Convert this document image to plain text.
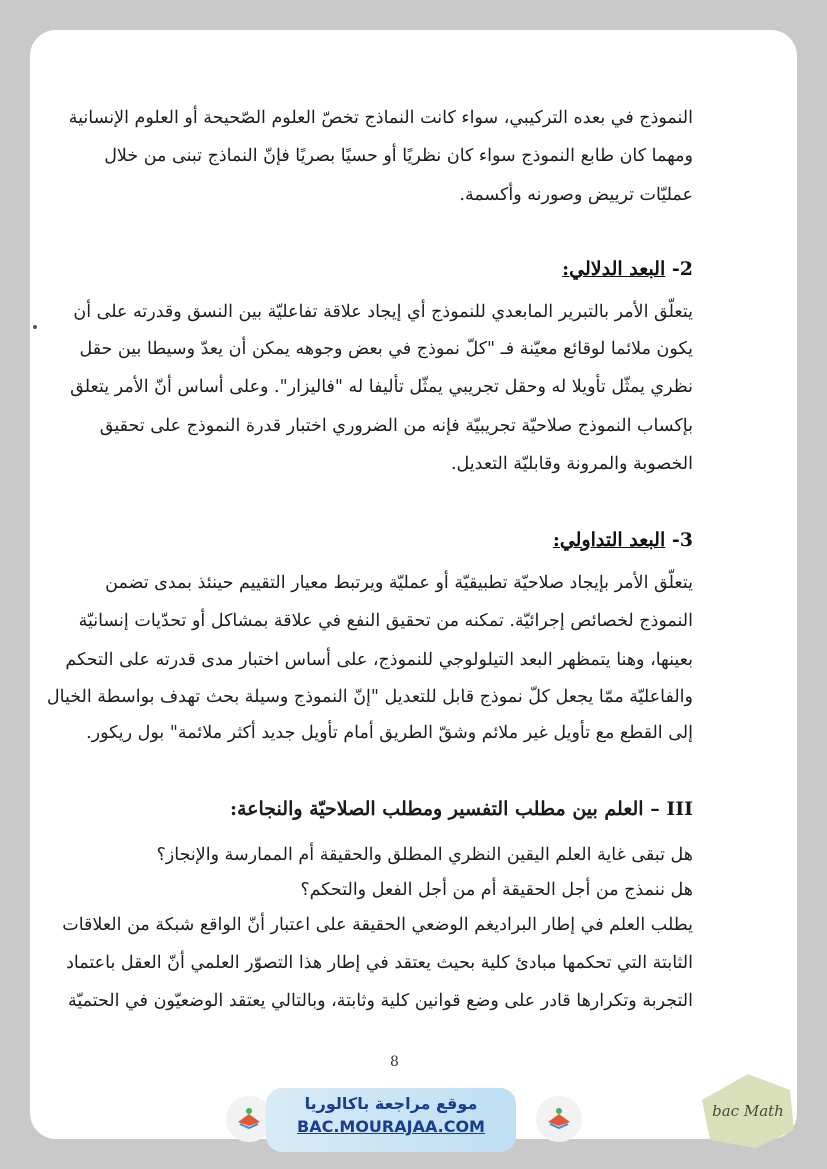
النموذج في بعده التركيبي، سواء كانت النماذج تخصّ العلوم الصّحيحة أو العلوم الإنسانية
ومهما كان طابع النموذج سواء كان نظريًا أو حسيًا بصريًا فإنّ النماذج تبنى من خلال
عمليّات ترييض وصورنه وأكسمة.
2- البعد الدلالي:
يتعلّق الأمر بالتبرير المابعدي للنموذج أي إيجاد علاقة تفاعليّة بين النسق وقدرته على أن
يكون ملائما لوقائع معيّنة فـ "كلّ نموذج في بعض وجوهه يمكن أن يعدّ وسيطا بين حقل
نظري يمثّل تأويلا له وحقل تجريبي يمثّل تأليفا له "فاليزار". وعلى أساس أنّ الأمر يتعلق
بإكساب النموذج صلاحيّة تجريبيّة فإنه من الضروري اختبار قدرة النموذج على تحقيق
الخصوبة والمرونة وقابليّة التعديل.
3- البعد التداولي:
يتعلّق الأمر بإيجاد صلاحيّة تطبيقيّة أو عمليّة ويرتبط معيار التقييم حينئذ بمدى تضمن
النموذج لخصائص إجرائيّة. تمكنه من تحقيق النفع في علاقة بمشاكل أو تحدّيات إنسانيّة
بعينها، وهنا يتمظهر البعد التيلولوجي للنموذج، على أساس اختبار مدى قدرته على التحكم
والفاعليّة ممّا يجعل كلّ نموذج قابل للتعديل "إنّ النموذج وسيلة بحث تهدف بواسطة الخيال
إلى القطع مع تأويل غير ملائم وشقّ الطريق أمام تأويل جديد أكثر ملائمة" بول ريكور.
III – العلم بين مطلب التفسير ومطلب الصلاحيّة والنجاعة:
هل تبقى غاية العلم اليقين النظري المطلق والحقيقة أم الممارسة والإنجاز؟
هل ننمذج من أجل الحقيقة أم من أجل الفعل والتحكم؟
يطلب العلم في إطار البراديغم الوضعي الحقيقة على اعتبار أنّ الواقع شبكة من العلاقات
الثابتة التي تحكمها مبادئ كلية بحيث يعتقد في إطار هذا التصوّر العلمي أنّ العقل باعتماد
التجربة وتكرارها قادر على وضع قوانين كلية وثابتة، وبالتالي يعتقد الوضعيّون في الحتميّة
8
موقع مراجعة باكالوريا
BAC.MOURAJAA.COM
bac Math
